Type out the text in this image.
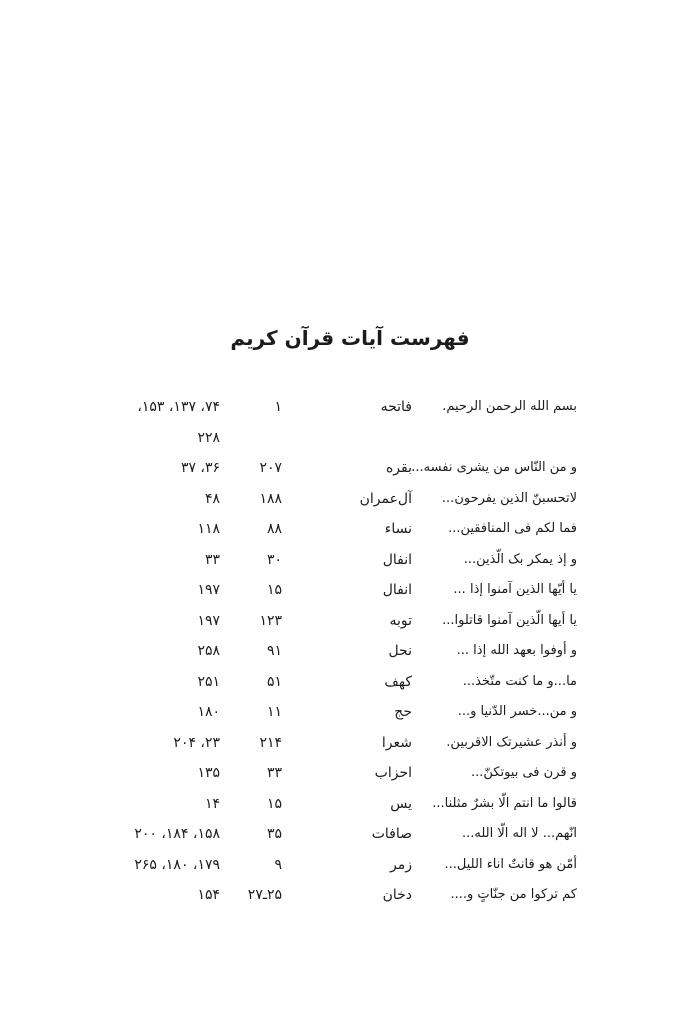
فهرست آیات قرآن کریم
بسم الله الرحمن الرحیم.
فاتحه
۱
۷۴، ۱۳۷، ۱۵۳،
۲۲۸
و من النّاس من یشری نفسه...
بقره
۲۰۷
۳۶، ۳۷
لاتحسبنّ الذین یفرحون...
آل‌عمران
۱۸۸
۴۸
فما لکم فی المنافقین...
نساء
۸۸
۱۱۸
و إذ یمکر بک الّذین...
انفال
۳۰
۳۳
یا أیّها الذین آمنوا إذا ...
انفال
۱۵
۱۹۷
یا أیها الّذین آمنوا قاتلوا...
توبه
۱۲۳
۱۹۷
و أوفوا بعهد الله إذا ...
نحل
۹۱
۲۵۸
ما...و ما کنت متّخذ...
کهف
۵۱
۲۵۱
و من...خسر الدّنیا و...
حج
۱۱
۱۸۰
و أنذر عشیرتک الاقربین.
شعرا
۲۱۴
۲۳، ۲۰۴
و قرن فی بیوتکنّ...
احزاب
۳۳
۱۳۵
قالوا ما انتم الّا بشرٌ مثلنا...
یس
۱۵
۱۴
انّهم... لا اله الّا الله...
صافات
۳۵
۱۵۸، ۱۸۴، ۲۰۰
أمّن هو قانتٌ اناء اللیل...
زمر
۹
۱۷۹، ۱۸۰، ۲۶۵
کم ترکوا من جنّاتٍ و....
دخان
۲۵ـ۲۷
۱۵۴
